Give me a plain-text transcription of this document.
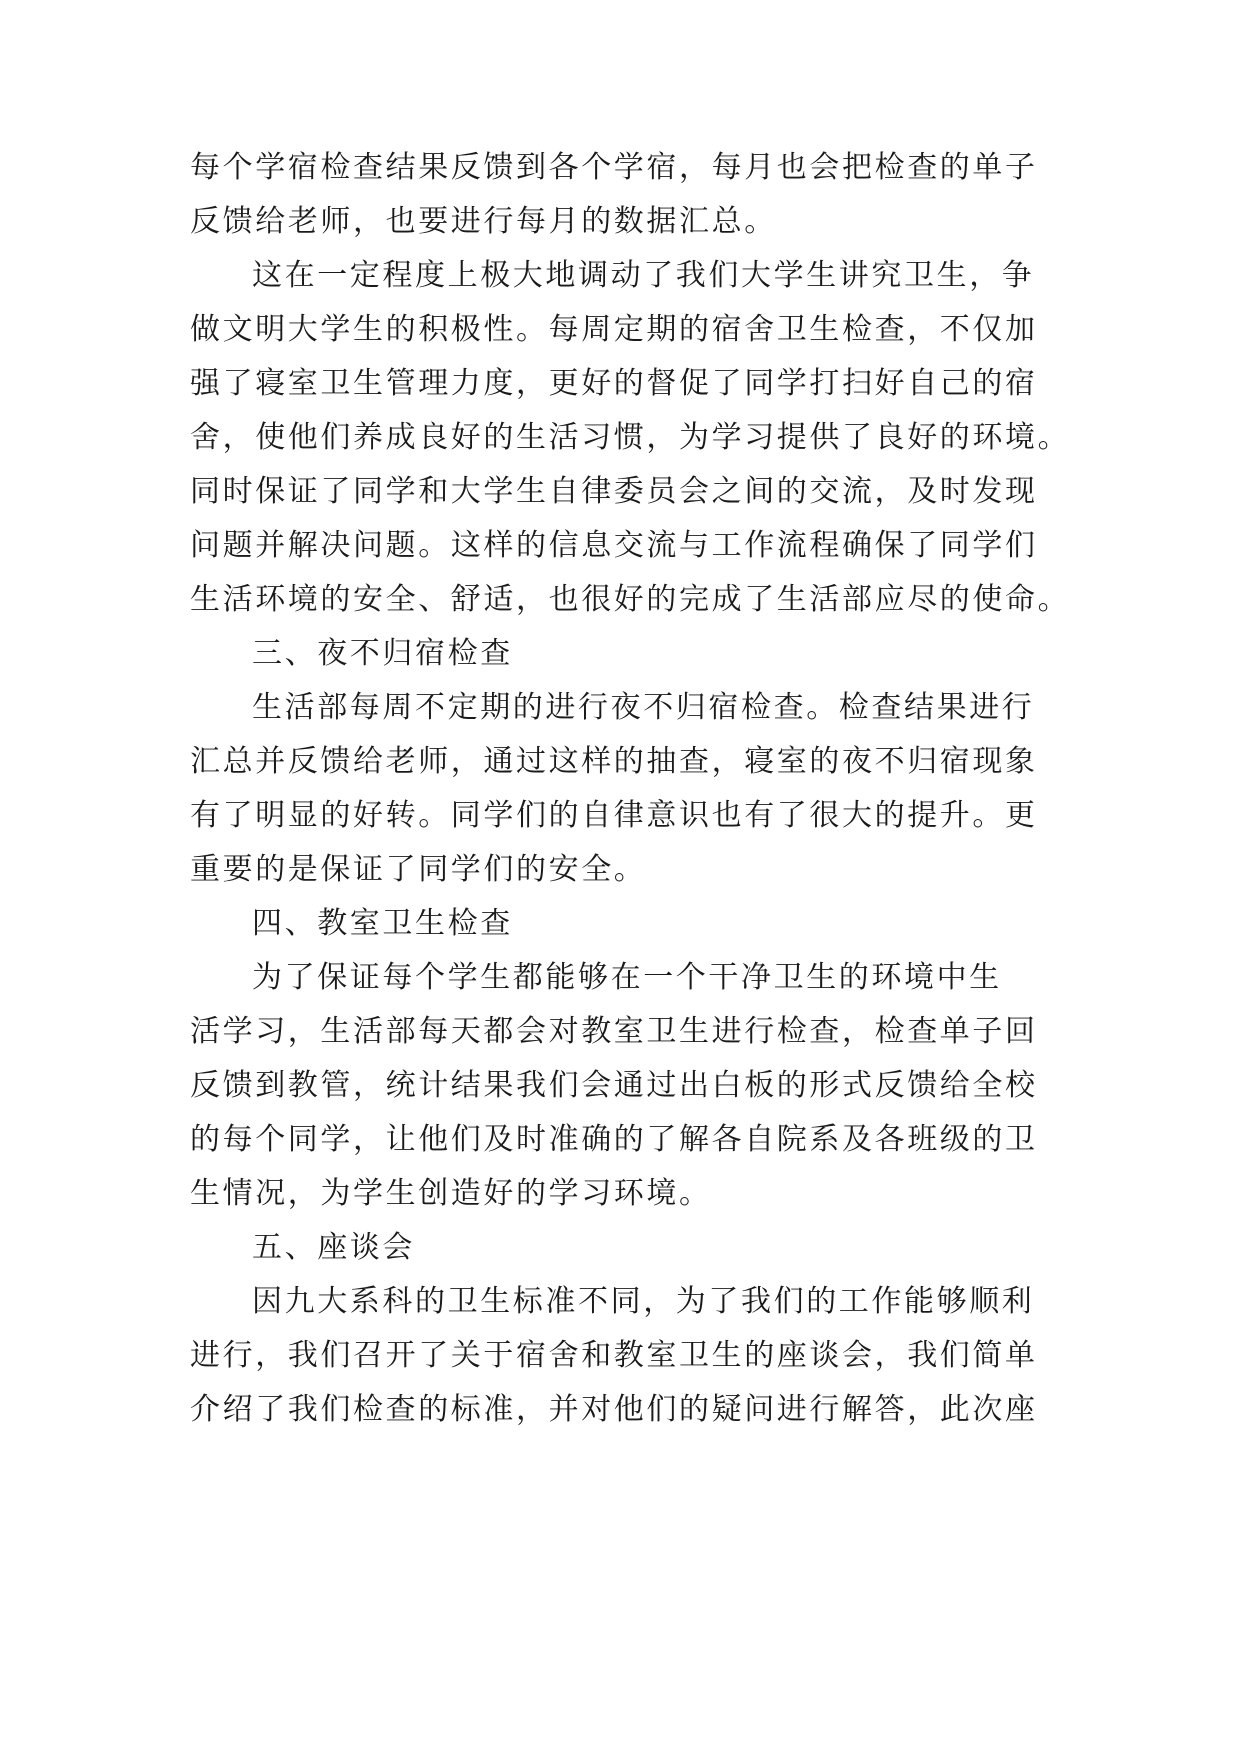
每个学宿检查结果反馈到各个学宿，每月也会把检查的单子
反馈给老师，也要进行每月的数据汇总。
这在一定程度上极大地调动了我们大学生讲究卫生，争
做文明大学生的积极性。每周定期的宿舍卫生检查，不仅加
强了寝室卫生管理力度，更好的督促了同学打扫好自己的宿
舍，使他们养成良好的生活习惯，为学习提供了良好的环境。
同时保证了同学和大学生自律委员会之间的交流，及时发现
问题并解决问题。这样的信息交流与工作流程确保了同学们
生活环境的安全、舒适，也很好的完成了生活部应尽的使命。
三、夜不归宿检查
生活部每周不定期的进行夜不归宿检查。检查结果进行
汇总并反馈给老师，通过这样的抽查，寝室的夜不归宿现象
有了明显的好转。同学们的自律意识也有了很大的提升。更
重要的是保证了同学们的安全。
四、教室卫生检查
为了保证每个学生都能够在一个干净卫生的环境中生
活学习，生活部每天都会对教室卫生进行检查，检查单子回
反馈到教管，统计结果我们会通过出白板的形式反馈给全校
的每个同学，让他们及时准确的了解各自院系及各班级的卫
生情况，为学生创造好的学习环境。
五、座谈会
因九大系科的卫生标准不同，为了我们的工作能够顺利
进行，我们召开了关于宿舍和教室卫生的座谈会，我们简单
介绍了我们检查的标准，并对他们的疑问进行解答，此次座
